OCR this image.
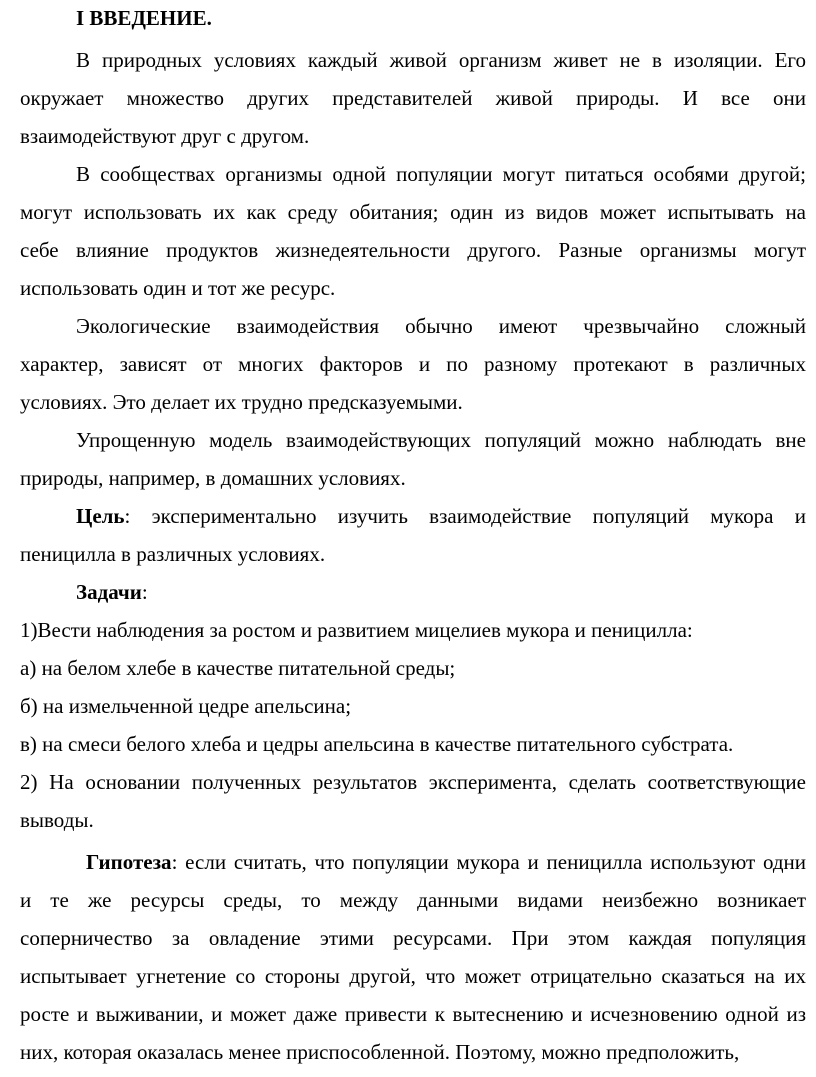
I ВВЕДЕНИЕ.
В природных условиях каждый живой организм живет не в изоляции. Его
окружает множество других представителей живой природы. И все они
взаимодействуют друг с другом.
В сообществах организмы одной популяции могут питаться особями другой;
могут использовать их как среду обитания; один из видов может испытывать на
себе влияние продуктов жизнедеятельности другого. Разные организмы могут
использовать один и тот же ресурс.
Экологические взаимодействия обычно имеют чрезвычайно сложный
характер, зависят от многих факторов и по разному протекают в различных
условиях. Это делает их трудно предсказуемыми.
Упрощенную модель взаимодействующих популяций можно наблюдать вне
природы, например, в домашних условиях.
Цель: экспериментально изучить взаимодействие популяций мукора и
пеницилла в различных условиях.
Задачи:
1)Вести наблюдения за ростом и развитием мицелиев мукора и пеницилла:
а) на белом хлебе в качестве питательной среды;
б) на измельченной цедре апельсина;
в) на смеси белого хлеба и цедры апельсина в качестве питательного субстрата.
2) На основании полученных результатов эксперимента, сделать соответствующие
выводы.
Гипотеза: если считать, что популяции мукора и пеницилла используют одни
и те же ресурсы среды, то между данными видами неизбежно возникает
соперничество за овладение этими ресурсами. При этом каждая популяция
испытывает угнетение со стороны другой, что может отрицательно сказаться на их
росте и выживании, и может даже привести к вытеснению и исчезновению одной из
них, которая оказалась менее приспособленной. Поэтому, можно предположить,
